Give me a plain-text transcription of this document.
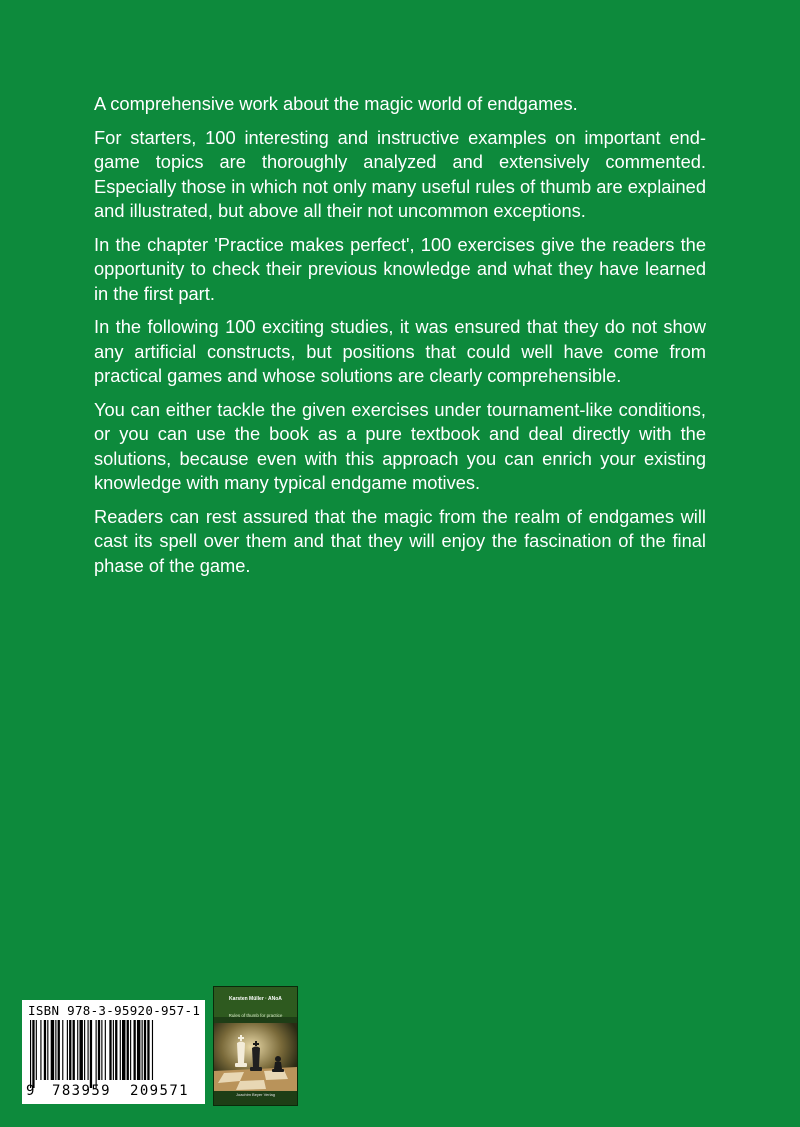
A comprehensive work about the magic world of endgames.

For starters, 100 interesting and instructive examples on important endgame topics are thoroughly analyzed and extensively commented. Especially those in which not only many useful rules of thumb are explained and illustrated, but above all their not uncommon exceptions.

In the chapter 'Practice makes perfect', 100 exercises give the readers the opportunity to check their previous knowledge and what they have learned in the first part.

In the following 100 exciting studies, it was ensured that they do not show any artificial constructs, but positions that could well have come from practical games and whose solutions are clearly comprehensible.

You can either tackle the given exercises under tournament-like conditions, or you can use the book as a pure textbook and deal directly with the solutions, because even with this approach you can enrich your existing knowledge with many typical endgame motives.

Readers can rest assured that the magic from the realm of endgames will cast its spell over them and that they will enjoy the fascination of the final phase of the game.

ISBN 978-3-95920-957-1
9 783959 209571
Karsten Müller · ANoA
Rules of thumb for practice
Joachim Beyer Verlag
